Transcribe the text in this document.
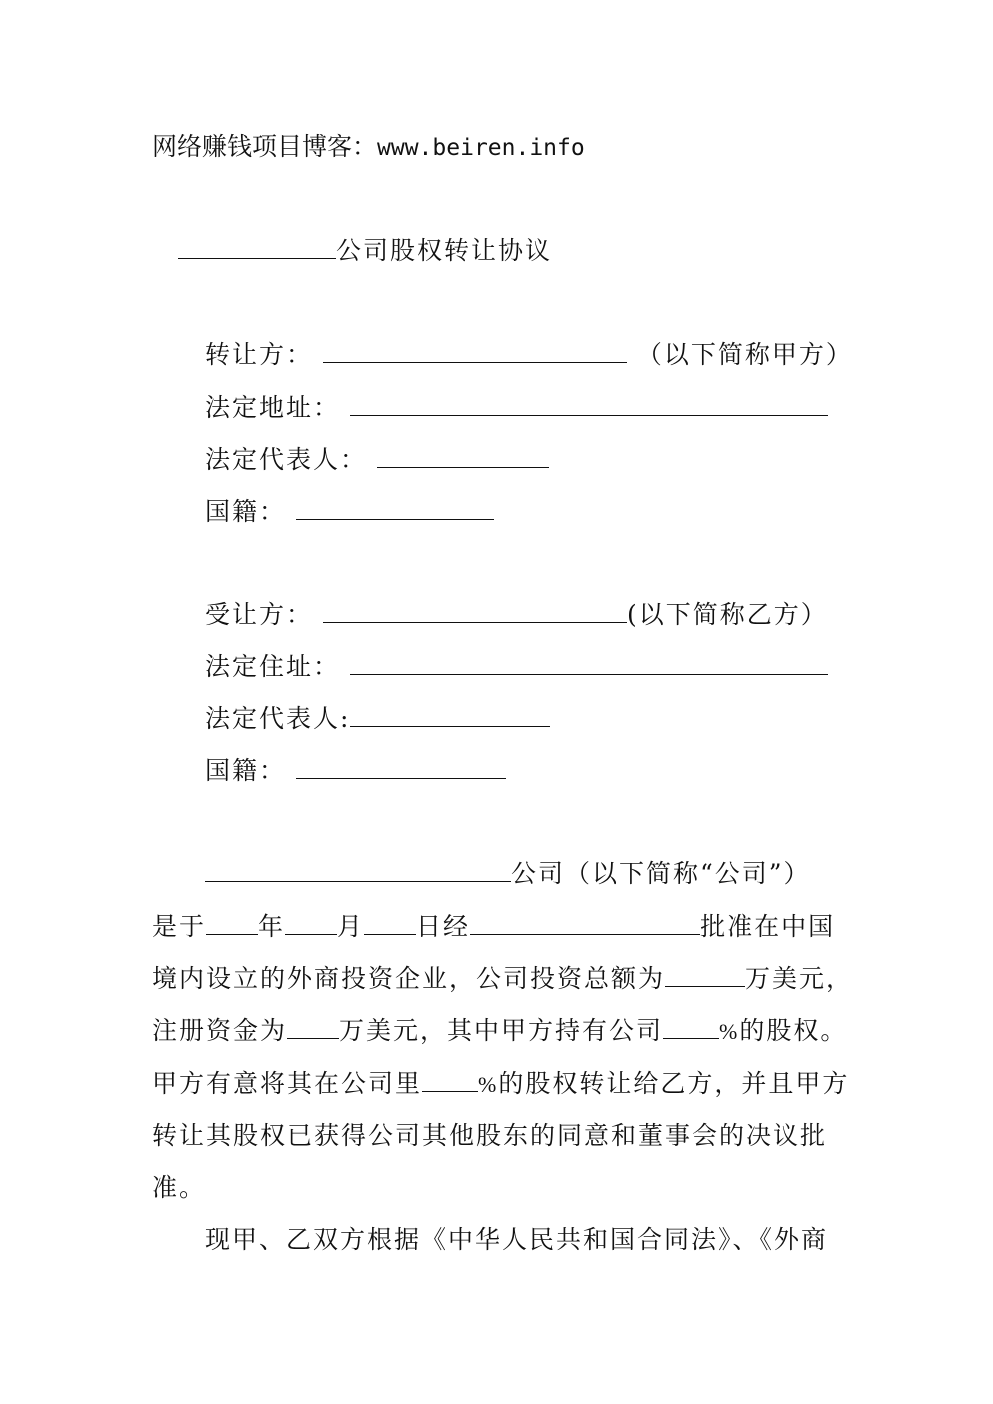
网络赚钱项目博客：www.beiren.info
公司股权转让协议
转让方：	（以下简称甲方）
法定地址：
法定代表人：
国籍：
受让方：	(以下简称乙方）
法定住址：
法定代表人:
国籍：
公司（以下简称“公司”）
是于 年 月 日经	批准在中国
境内设立的外商投资企业，公司投资总额为	万美元，
注册资金为 万美元，其中甲方持有公司	%的股权。
甲方有意将其在公司里	%的股权转让给乙方，并且甲方
转让其股权已获得公司其他股东的同意和董事会的决议批
准。
现甲、乙双方根据《中华人民共和国合同法》、《外商
